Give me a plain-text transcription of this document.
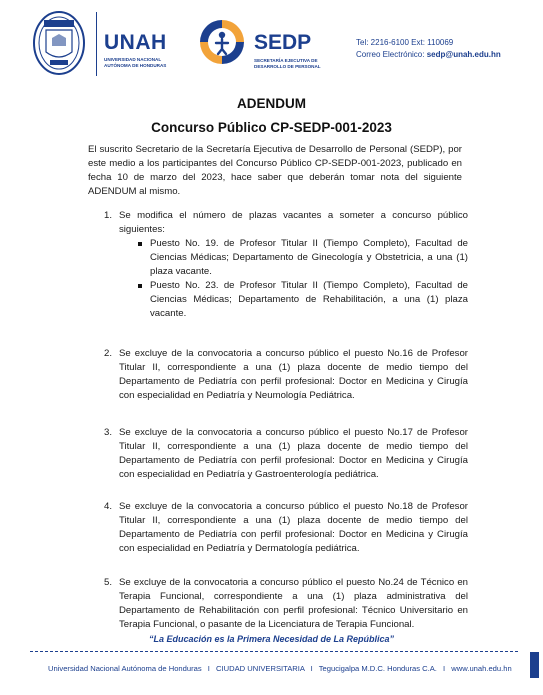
UNAH
UNIVERSIDAD NACIONAL
AUTÓNOMA DE HONDURAS
SEDP
SECRETARÍA EJECUTIVA DE
DESARROLLO DE PERSONAL
Tel: 2216-6100 Ext: 110069
Correo Electrónico: sedp@unah.edu.hn
ADENDUM
Concurso Público CP-SEDP-001-2023

El suscrito Secretario de la Secretaría Ejecutiva de Desarrollo de Personal (SEDP), por este medio a los participantes del Concurso Público CP-SEDP-001-2023, publicado en fecha 10 de marzo del 2023, hace saber que deberán tomar nota del siguiente ADENDUM al mismo.

1. Se modifica el número de plazas vacantes a someter a concurso público siguientes:
Puesto No. 19. de Profesor Titular II (Tiempo Completo), Facultad de Ciencias Médicas; Departamento de Ginecología y Obstetricia, a una (1) plaza vacante.
Puesto No. 23. de Profesor Titular II (Tiempo Completo), Facultad de Ciencias Médicas; Departamento de Rehabilitación, a una (1) plaza vacante.
2. Se excluye de la convocatoria a concurso público el puesto No.16 de Profesor Titular II, correspondiente a una (1) plaza docente de medio tiempo del Departamento de Pediatría con perfil profesional: Doctor en Medicina y Cirugía con especialidad en Pediatría y Neumología Pediátrica.
3. Se excluye de la convocatoria a concurso público el puesto No.17 de Profesor Titular II, correspondiente a una (1) plaza docente de medio tiempo del Departamento de Pediatría con perfil profesional: Doctor en Medicina y Cirugía con especialidad en Pediatría y Gastroenterología pediátrica.
4. Se excluye de la convocatoria a concurso público el puesto No.18 de Profesor Titular II, correspondiente a una (1) plaza docente de medio tiempo del Departamento de Pediatría con perfil profesional: Doctor en Medicina y Cirugía con especialidad en Pediatría y Dermatología pediátrica.
5. Se excluye de la convocatoria a concurso público el puesto No.24 de Técnico en Terapia Funcional, correspondiente a una (1) plaza administrativa del Departamento de Rehabilitación con perfil profesional: Técnico Universitario en Terapia Funcional, o pasante de la Licenciatura de Terapia Funcional.
“La Educación es la Primera Necesidad de La República”
Universidad Nacional Autónoma de Honduras I CIUDAD UNIVERSITARIA I Tegucigalpa M.D.C. Honduras C.A. I www.unah.edu.hn
